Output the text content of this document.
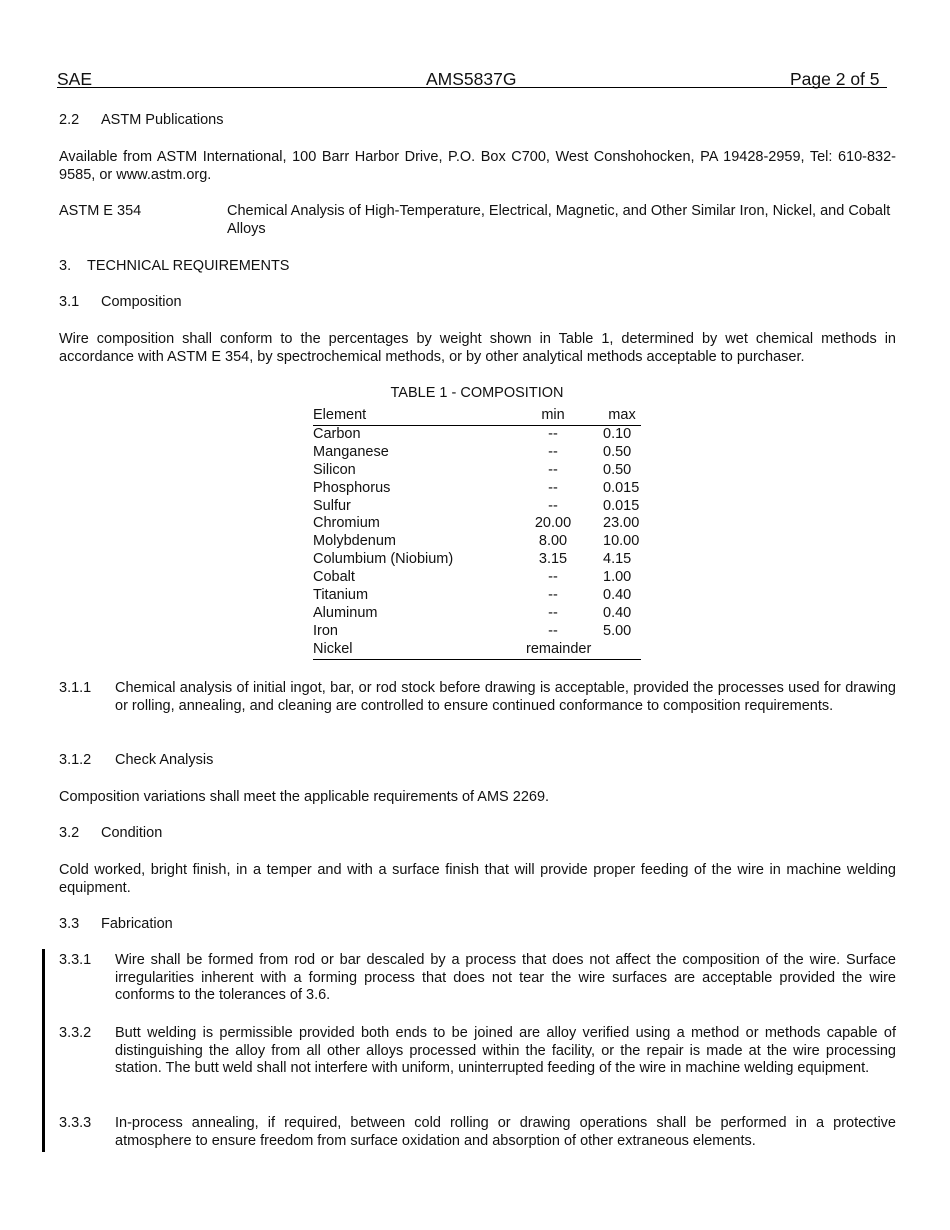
SAE	AMS5837G	Page 2 of 5
2.2 ASTM Publications
Available from ASTM International, 100 Barr Harbor Drive, P.O. Box C700, West Conshohocken, PA 19428-2959, Tel: 610-832-9585, or www.astm.org.
ASTM E 354	Chemical Analysis of High-Temperature, Electrical, Magnetic, and Other Similar Iron, Nickel, and Cobalt Alloys
3. TECHNICAL REQUIREMENTS
3.1 Composition
Wire composition shall conform to the percentages by weight shown in Table 1, determined by wet chemical methods in accordance with ASTM E 354, by spectrochemical methods, or by other analytical methods acceptable to purchaser.
TABLE 1 - COMPOSITION
Element	min	max
Carbon	--	0.10
Manganese	--	0.50
Silicon	--	0.50
Phosphorus	--	0.015
Sulfur	--	0.015
Chromium	20.00	23.00
Molybdenum	8.00	10.00
Columbium (Niobium)	3.15	4.15
Cobalt	--	1.00
Titanium	--	0.40
Aluminum	--	0.40
Iron	--	5.00
Nickel	remainder	
3.1.1 Chemical analysis of initial ingot, bar, or rod stock before drawing is acceptable, provided the processes used for drawing or rolling, annealing, and cleaning are controlled to ensure continued conformance to composition requirements.
3.1.2 Check Analysis
Composition variations shall meet the applicable requirements of AMS 2269.
3.2 Condition
Cold worked, bright finish, in a temper and with a surface finish that will provide proper feeding of the wire in machine welding equipment.
3.3 Fabrication
3.3.1 Wire shall be formed from rod or bar descaled by a process that does not affect the composition of the wire. Surface irregularities inherent with a forming process that does not tear the wire surfaces are acceptable provided the wire conforms to the tolerances of 3.6.
3.3.2 Butt welding is permissible provided both ends to be joined are alloy verified using a method or methods capable of distinguishing the alloy from all other alloys processed within the facility, or the repair is made at the wire processing station. The butt weld shall not interfere with uniform, uninterrupted feeding of the wire in machine welding equipment.
3.3.3 In-process annealing, if required, between cold rolling or drawing operations shall be performed in a protective atmosphere to ensure freedom from surface oxidation and absorption of other extraneous elements.
